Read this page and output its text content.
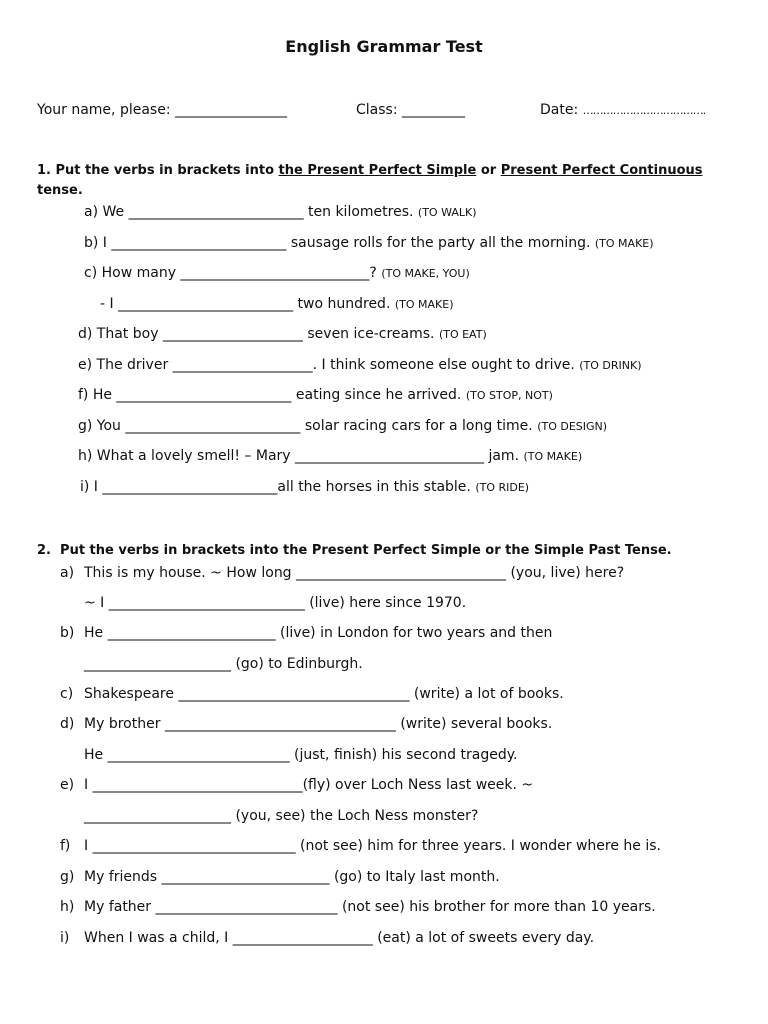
English Grammar Test
Your name, please: ________________	Class: _________	Date: ……………………………….
1. Put the verbs in brackets into the Present Perfect Simple or Present Perfect Continuous
tense.
a) We _________________________ ten kilometres. (TO WALK)
b) I _________________________ sausage rolls for the party all the morning. (TO MAKE)
c) How many ___________________________? (TO MAKE, YOU)
- I _________________________ two hundred. (TO MAKE)
d) That boy ____________________ seven ice-creams. (TO EAT)
e) The driver ____________________. I think someone else ought to drive. (TO DRINK)
f) He _________________________ eating since he arrived. (TO STOP, NOT)
g) You _________________________ solar racing cars for a long time. (TO DESIGN)
h) What a lovely smell! – Mary ___________________________ jam. (TO MAKE)
i) I _________________________all the horses in this stable. (TO RIDE)
2.  Put the verbs in brackets into the Present Perfect Simple or the Simple Past Tense.
a) This is my house. ~ How long ______________________________ (you, live) here?
~ I ____________________________ (live) here since 1970.
b) He ________________________ (live) in London for two years and then
_____________________ (go) to Edinburgh.
c) Shakespeare _________________________________ (write) a lot of books.
d) My brother _________________________________ (write) several books.
He __________________________ (just, finish) his second tragedy.
e) I ______________________________(fly) over Loch Ness last week. ~
_____________________ (you, see) the Loch Ness monster?
f) I _____________________________ (not see) him for three years. I wonder where he is.
g) My friends ________________________ (go) to Italy last month.
h) My father __________________________ (not see) his brother for more than 10 years.
i) When I was a child, I ____________________ (eat) a lot of sweets every day.
